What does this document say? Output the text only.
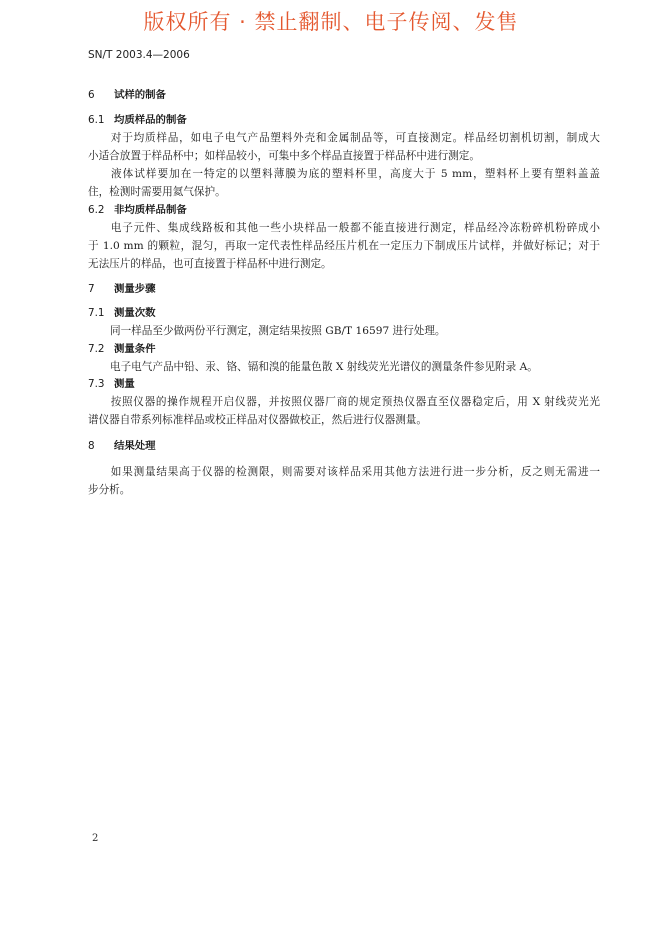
版权所有 · 禁止翻制、电子传阅、发售
SN/T 2003.4—2006
6 试样的制备
6.1 均质样品的制备
对于均质样品，如电子电气产品塑料外壳和金属制品等，可直接测定。样品经切割机切割，制成大
小适合放置于样品杯中；如样品较小，可集中多个样品直接置于样品杯中进行测定。
液体试样要加在一特定的以塑料薄膜为底的塑料杯里，高度大于 5 mm，塑料杯上要有塑料盖盖
住，检测时需要用氦气保护。
6.2 非均质样品制备
电子元件、集成线路板和其他一些小块样品一般都不能直接进行测定，样品经冷冻粉碎机粉碎成小
于 1.0 mm 的颗粒，混匀，再取一定代表性样品经压片机在一定压力下制成压片试样，并做好标记；对于
无法压片的样品，也可直接置于样品杯中进行测定。
7 测量步骤
7.1 测量次数
同一样品至少做两份平行测定，测定结果按照 GB/T 16597 进行处理。
7.2 测量条件
电子电气产品中铅、汞、铬、镉和溴的能量色散 X 射线荧光光谱仪的测量条件参见附录 A。
7.3 测量
按照仪器的操作规程开启仪器，并按照仪器厂商的规定预热仪器直至仪器稳定后，用 X 射线荧光光
谱仪器自带系列标准样品或校正样品对仪器做校正，然后进行仪器测量。
8 结果处理
如果测量结果高于仪器的检测限，则需要对该样品采用其他方法进行进一步分析，反之则无需进一
步分析。
2
